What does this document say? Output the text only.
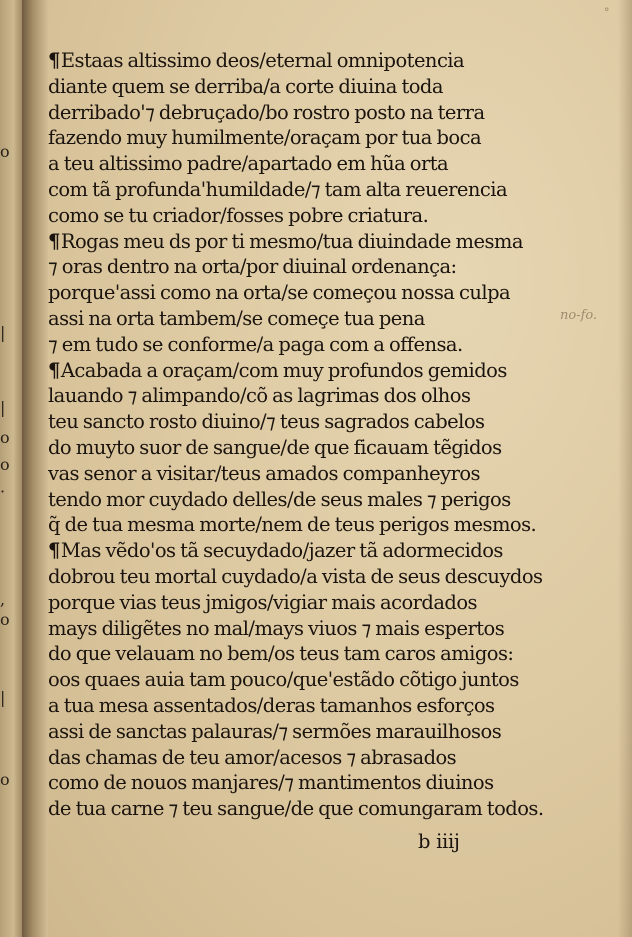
o
|
|
o
o
·
,
o
|
o
°
no-fo.
¶Estaas altissimo deos/eternal omnipotencia
diante quem se derriba/a corte diuina toda
derribado'⁊ debruçado/bo rostro posto na terra
fazendo muy humilmente/oraçam por tua boca
a teu altissimo padre/apartado em hũa orta
com tã profunda'humildade/⁊ tam alta reuerencia
como se tu criador/fosses pobre criatura.
¶Rogas meu ds por ti mesmo/tua diuindade mesma
⁊ oras dentro na orta/por diuinal ordenança:
porque'assi como na orta/se começou nossa culpa
assi na orta tambem/se começe tua pena
⁊ em tudo se conforme/a paga com a offensa.
¶Acabada a oraçam/com muy profundos gemidos
lauando ⁊ alimpando/cõ as lagrimas dos olhos
teu sancto rosto diuino/⁊ teus sagrados cabelos
do muyto suor de sangue/de que ficauam tẽgidos
vas senor a visitar/teus amados companheyros
tendo mor cuydado delles/de seus males ⁊ perigos
q̃ de tua mesma morte/nem de teus perigos mesmos.
¶Mas vẽdo'os tã secuydado/jazer tã adormecidos
dobrou teu mortal cuydado/a vista de seus descuydos
porque vias teus jmigos/vigiar mais acordados
mays diligẽtes no mal/mays viuos ⁊ mais espertos
do que velauam no bem/os teus tam caros amigos:
oos quaes auia tam pouco/que'estãdo cõtigo juntos
a tua mesa assentados/deras tamanhos esforços
assi de sanctas palauras/⁊ sermões marauilhosos
das chamas de teu amor/acesos ⁊ abrasados
como de nouos manjares/⁊ mantimentos diuinos
de tua carne ⁊ teu sangue/de que comungaram todos.
b iiij
